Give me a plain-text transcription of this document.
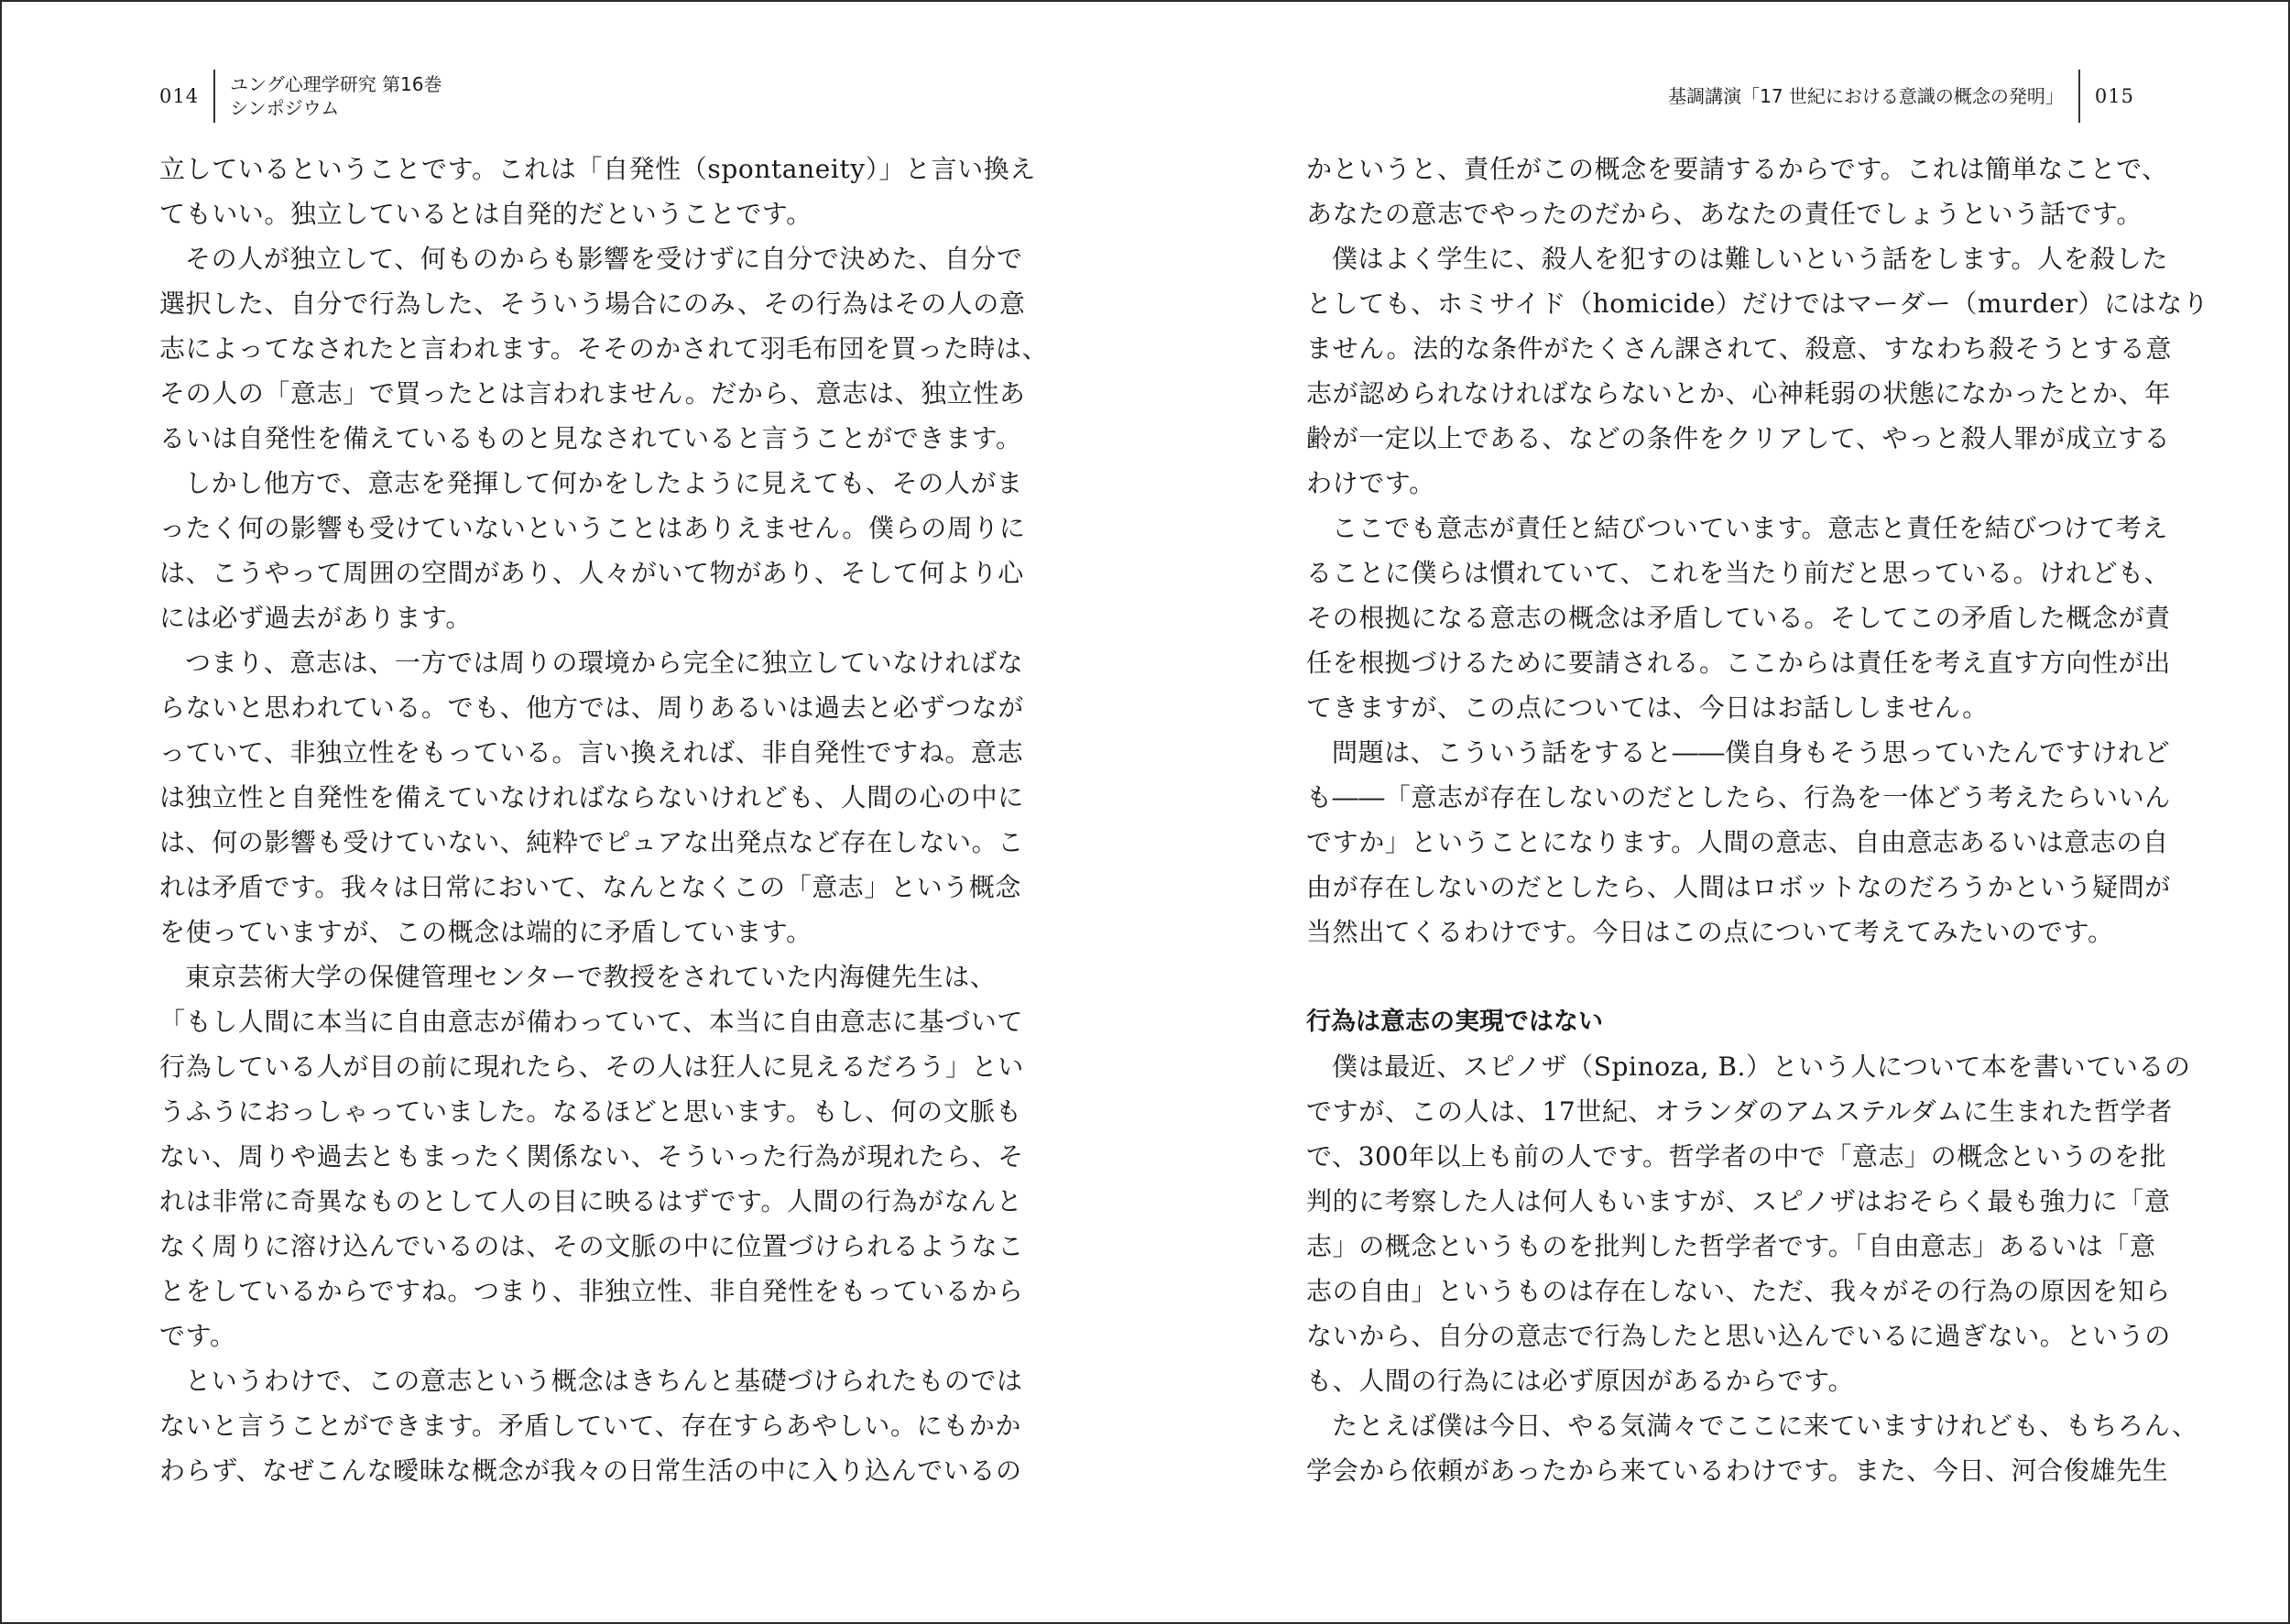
014
ユング心理学研究 第16巻
シンポジウム
立しているということです。これは「自発性（spontaneity）」と言い換え
てもいい。独立しているとは自発的だということです。
その人が独立して、何ものからも影響を受けずに自分で決めた、自分で
選択した、自分で行為した、そういう場合にのみ、その行為はその人の意
志によってなされたと言われます。そそのかされて羽毛布団を買った時は、
その人の「意志」で買ったとは言われません。だから、意志は、独立性あ
るいは自発性を備えているものと見なされていると言うことができます。
しかし他方で、意志を発揮して何かをしたように見えても、その人がま
ったく何の影響も受けていないということはありえません。僕らの周りに
は、こうやって周囲の空間があり、人々がいて物があり、そして何より心
には必ず過去があります。
つまり、意志は、一方では周りの環境から完全に独立していなければな
らないと思われている。でも、他方では、周りあるいは過去と必ずつなが
っていて、非独立性をもっている。言い換えれば、非自発性ですね。意志
は独立性と自発性を備えていなければならないけれども、人間の心の中に
は、何の影響も受けていない、純粋でピュアな出発点など存在しない。こ
れは矛盾です。我々は日常において、なんとなくこの「意志」という概念
を使っていますが、この概念は端的に矛盾しています。
東京芸術大学の保健管理センターで教授をされていた内海健先生は、
「もし人間に本当に自由意志が備わっていて、本当に自由意志に基づいて
行為している人が目の前に現れたら、その人は狂人に見えるだろう」とい
うふうにおっしゃっていました。なるほどと思います。もし、何の文脈も
ない、周りや過去ともまったく関係ない、そういった行為が現れたら、そ
れは非常に奇異なものとして人の目に映るはずです。人間の行為がなんと
なく周りに溶け込んでいるのは、その文脈の中に位置づけられるようなこ
とをしているからですね。つまり、非独立性、非自発性をもっているから
です。
というわけで、この意志という概念はきちんと基礎づけられたものでは
ないと言うことができます。矛盾していて、存在すらあやしい。にもかか
わらず、なぜこんな曖昧な概念が我々の日常生活の中に入り込んでいるの
基調講演「17 世紀における意識の概念の発明」 015
かというと、責任がこの概念を要請するからです。これは簡単なことで、
あなたの意志でやったのだから、あなたの責任でしょうという話です。
僕はよく学生に、殺人を犯すのは難しいという話をします。人を殺した
としても、ホミサイド（homicide）だけではマーダー（murder）にはなり
ません。法的な条件がたくさん課されて、殺意、すなわち殺そうとする意
志が認められなければならないとか、心神耗弱の状態になかったとか、年
齢が一定以上である、などの条件をクリアして、やっと殺人罪が成立する
わけです。
ここでも意志が責任と結びついています。意志と責任を結びつけて考え
ることに僕らは慣れていて、これを当たり前だと思っている。けれども、
その根拠になる意志の概念は矛盾している。そしてこの矛盾した概念が責
任を根拠づけるために要請される。ここからは責任を考え直す方向性が出
てきますが、この点については、今日はお話ししません。
問題は、こういう話をすると――僕自身もそう思っていたんですけれど
も――「意志が存在しないのだとしたら、行為を一体どう考えたらいいん
ですか」ということになります。人間の意志、自由意志あるいは意志の自
由が存在しないのだとしたら、人間はロボットなのだろうかという疑問が
当然出てくるわけです。今日はこの点について考えてみたいのです。
行為は意志の実現ではない
僕は最近、スピノザ（Spinoza, B.）という人について本を書いているの
ですが、この人は、17世紀、オランダのアムステルダムに生まれた哲学者
で、300年以上も前の人です。哲学者の中で「意志」の概念というのを批
判的に考察した人は何人もいますが、スピノザはおそらく最も強力に「意
志」の概念というものを批判した哲学者です。「自由意志」あるいは「意
志の自由」というものは存在しない、ただ、我々がその行為の原因を知ら
ないから、自分の意志で行為したと思い込んでいるに過ぎない。というの
も、人間の行為には必ず原因があるからです。
たとえば僕は今日、やる気満々でここに来ていますけれども、もちろん、
学会から依頼があったから来ているわけです。また、今日、河合俊雄先生
